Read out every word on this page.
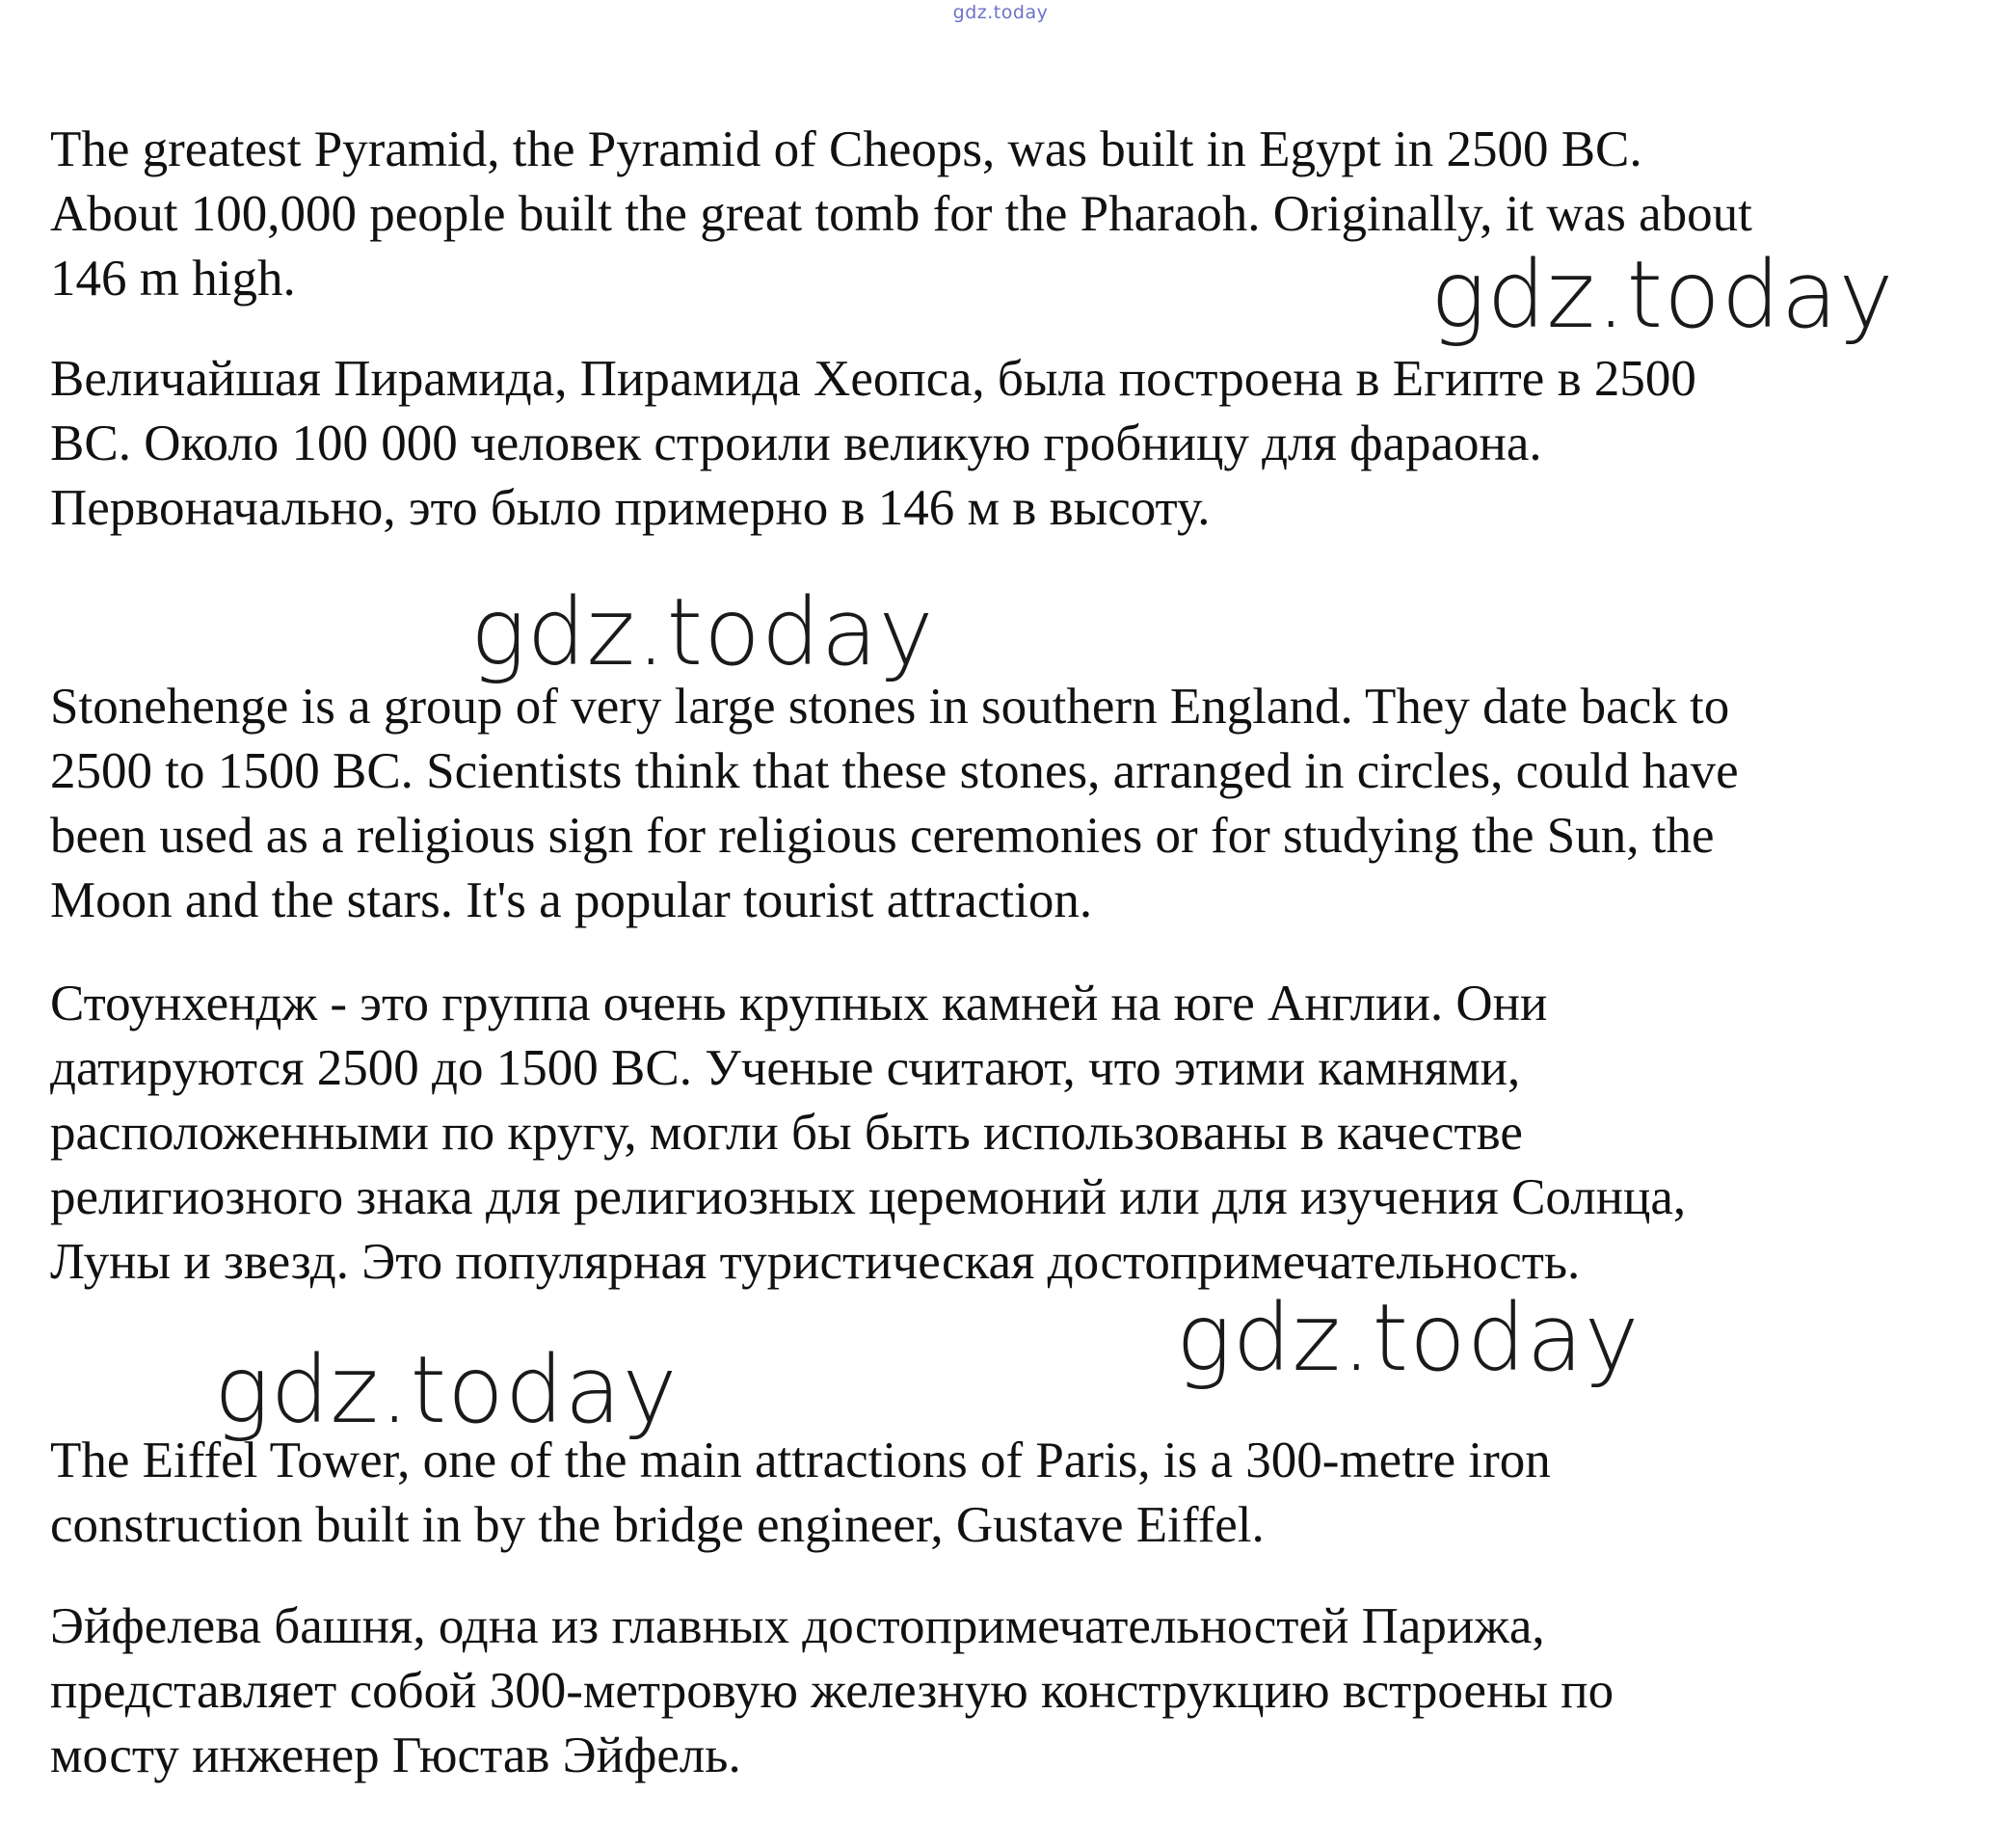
gdz.today

The greatest Pyramid, the Pyramid of Cheops, was built in Egypt in 2500 BC.
About 100,000 people built the great tomb for the Pharaoh. Originally, it was about
146 m high.	gdz.today

Величайшая Пирамида, Пирамида Хеопса, была построена в Египте в 2500
BC. Около 100 000 человек строили великую гробницу для фараона.
Первоначально, это было примерно в 146 м в высоту.

gdz.today

Stonehenge is a group of very large stones in southern England. They date back to
2500 to 1500 BC. Scientists think that these stones, arranged in circles, could have
been used as a religious sign for religious ceremonies or for studying the Sun, the
Moon and the stars. It's a popular tourist attraction.

Стоунхендж - это группа очень крупных камней на юге Англии. Они
датируются 2500 до 1500 BC. Ученые считают, что этими камнями,
расположенными по кругу, могли бы быть использованы в качестве
религиозного знака для религиозных церемоний или для изучения Солнца,
Луны и звезд. Это популярная туристическая достопримечательность.

gdz.today
gdz.today

The Eiffel Tower, one of the main attractions of Paris, is a 300-metre iron
construction built in by the bridge engineer, Gustave Eiffel.

Эйфелева башня, одна из главных достопримечательностей Парижа,
представляет собой 300-метровую железную конструкцию встроены по
мосту инженер Гюстав Эйфель.
